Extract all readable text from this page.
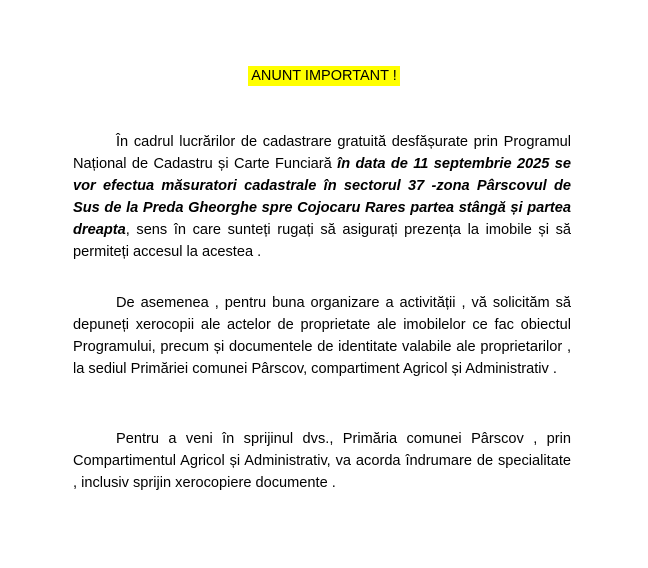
ANUNT IMPORTANT !

În cadrul lucrărilor de cadastrare gratuită desfășurate prin Programul Național de Cadastru și Carte Funciară în data de 11 septembrie 2025 se vor efectua măsuratori cadastrale în sectorul 37 -zona Pârscovul de Sus de la Preda Gheorghe spre Cojocaru Rares partea stângă și partea dreapta, sens în care sunteți rugați să asigurați prezența la imobile și să permiteți accesul la acestea .

De asemenea , pentru buna organizare a activității , vă solicităm să depuneți xerocopii ale actelor de proprietate ale imobilelor ce fac obiectul Programului, precum și documentele de identitate valabile ale proprietarilor , la sediul Primăriei comunei Pârscov, compartiment Agricol și Administrativ .

Pentru a veni în sprijinul dvs., Primăria comunei Pârscov , prin Compartimentul Agricol și Administrativ, va acorda îndrumare de specialitate , inclusiv sprijin xerocopiere documente .
